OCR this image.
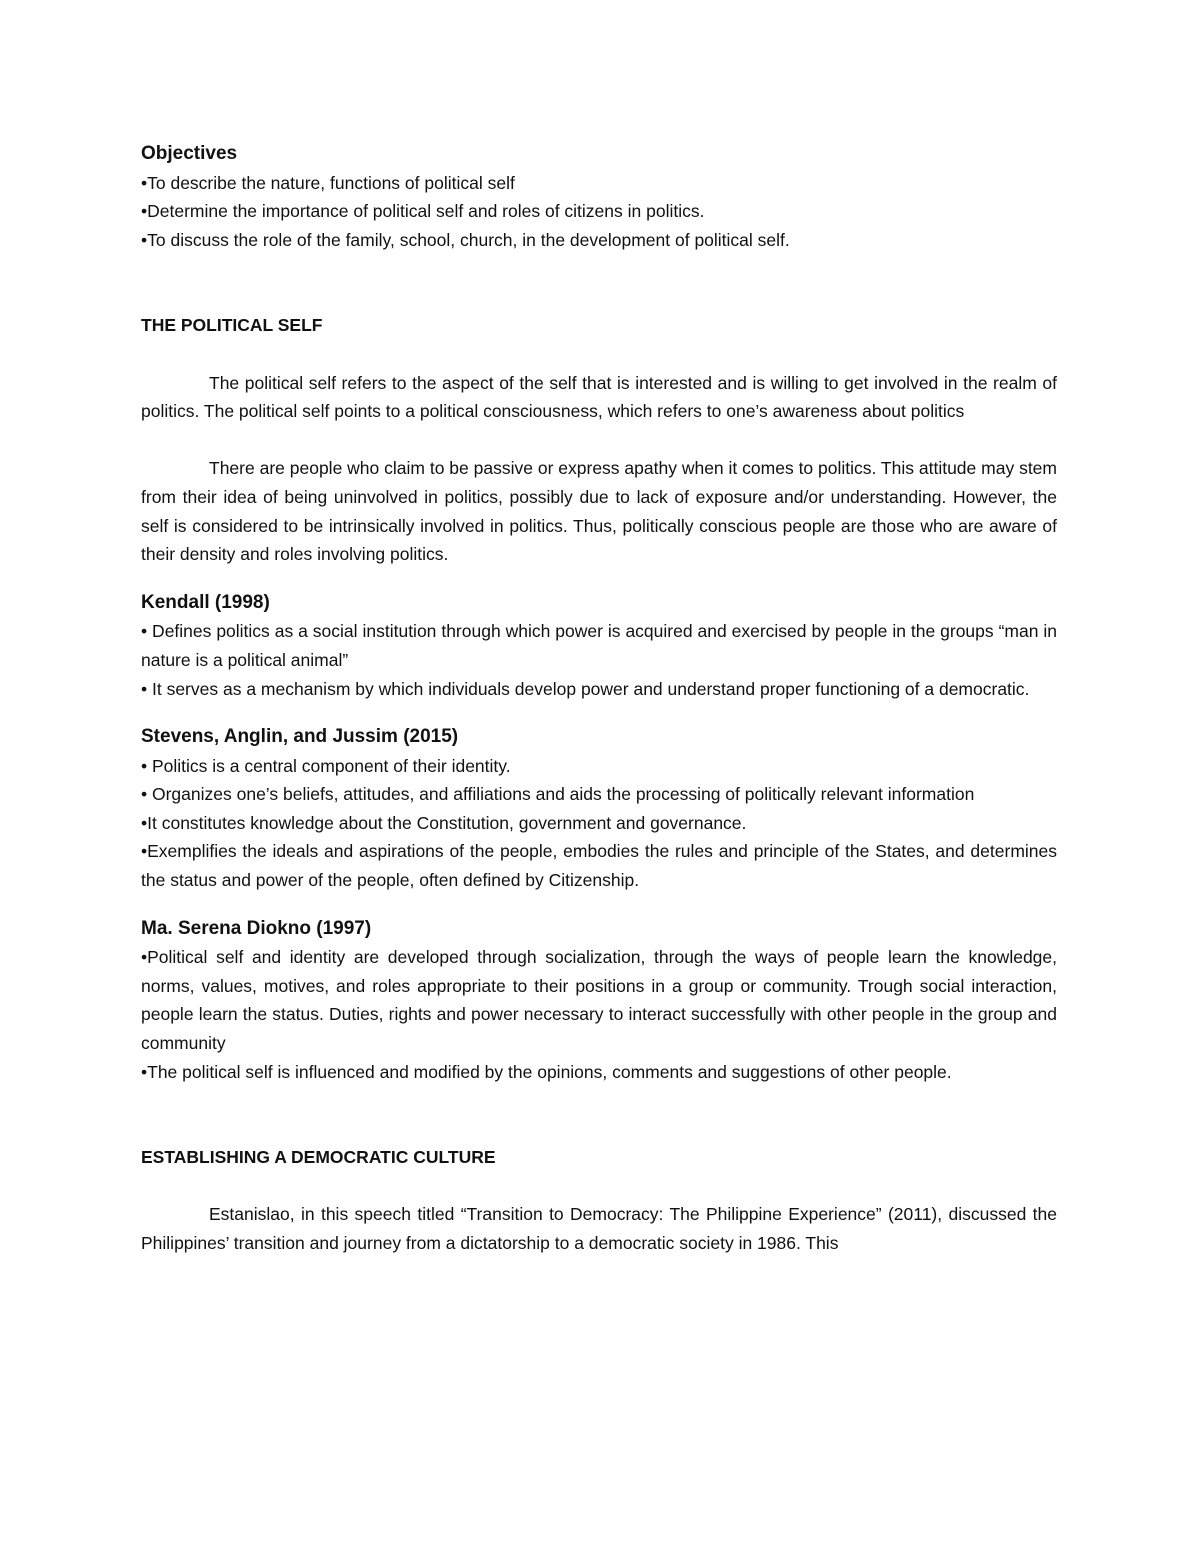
Objectives

•To describe the nature, functions of political self

•Determine the importance of political self and roles of citizens in politics.

•To discuss the role of the family, school, church, in the development of political self.

THE POLITICAL SELF

The political self refers to the aspect of the self that is interested and is willing to get involved in the realm of politics. The political self points to a political consciousness, which refers to one’s awareness about politics

There are people who claim to be passive or express apathy when it comes to politics. This attitude may stem from their idea of being uninvolved in politics, possibly due to lack of exposure and/or understanding. However, the self is considered to be intrinsically involved in politics. Thus, politically conscious people are those who are aware of their density and roles involving politics.

Kendall (1998)

• Defines politics as a social institution through which power is acquired and exercised by people in the groups “man in nature is a political animal”

• It serves as a mechanism by which individuals develop power and understand proper functioning of a democratic.

Stevens, Anglin, and Jussim (2015)

• Politics is a central component of their identity.

• Organizes one’s beliefs, attitudes, and affiliations and aids the processing of politically relevant information

•It constitutes knowledge about the Constitution, government and governance.

•Exemplifies the ideals and aspirations of the people, embodies the rules and principle of the States, and determines the status and power of the people, often defined by Citizenship.

Ma. Serena Diokno (1997)

•Political self and identity are developed through socialization, through the ways of people learn the knowledge, norms, values, motives, and roles appropriate to their positions in a group or community. Trough social interaction, people learn the status. Duties, rights and power necessary to interact successfully with other people in the group and community

•The political self is influenced and modified by the opinions, comments and suggestions of other people.

ESTABLISHING A DEMOCRATIC CULTURE

Estanislao, in this speech titled “Transition to Democracy: The Philippine Experience” (2011), discussed the Philippines’ transition and journey from a dictatorship to a democratic society in 1986. This
